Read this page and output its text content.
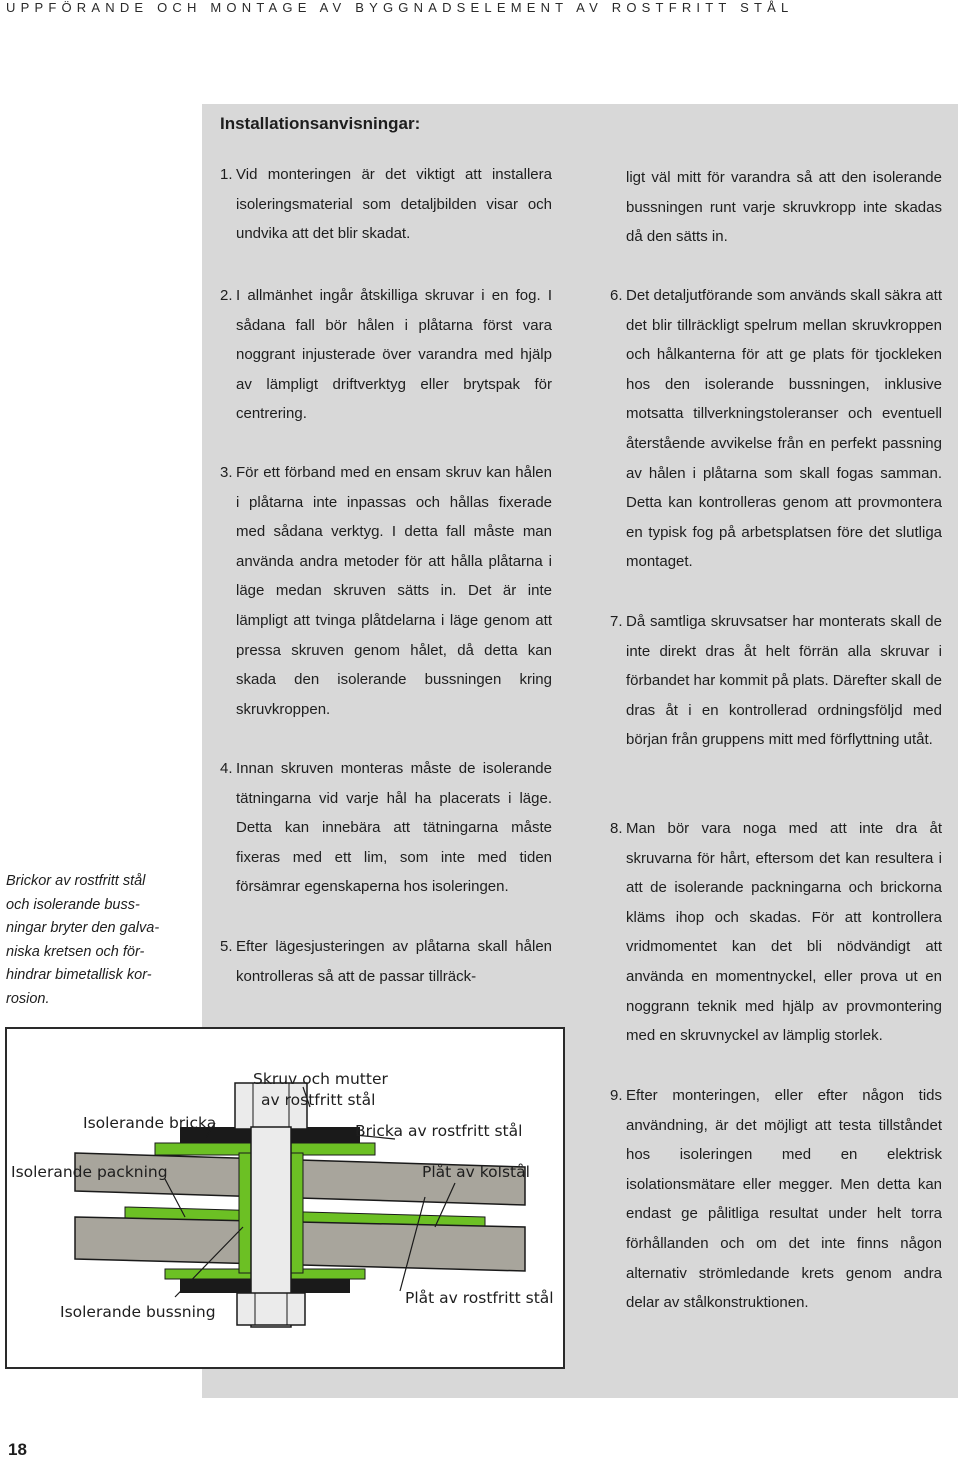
UPPFÖRANDE OCH MONTAGE AV BYGGNADSELEMENT AV ROSTFRITT STÅL
Brickor av rostfritt stål
och isolerande buss-
ningar bryter den galva-
niska kretsen och för-
hindrar bimetallisk kor-
rosion.
Installationsanvisningar:
1. Vid monteringen är det viktigt att installera isoleringsmaterial som detaljbilden visar och undvika att det blir skadat.
ligt väl mitt för varandra så att den isolerande bussningen runt varje skruvkropp inte skadas då den sätts in.
2. I allmänhet ingår åtskilliga skruvar i en fog. I sådana fall bör hålen i plåtarna först vara noggrant injusterade över varandra med hjälp av lämpligt driftverktyg eller brytspak för centrering.
3. För ett förband med en ensam skruv kan hålen i plåtarna inte inpassas och hållas fixerade med sådana verktyg. I detta fall måste man använda andra metoder för att hålla plåtarna i läge medan skruven sätts in. Det är inte lämpligt att tvinga plåtdelarna i läge genom att pressa skruven genom hålet, då detta kan skada den isolerande bussningen kring skruvkroppen.
4. Innan skruven monteras måste de isolerande tätningarna vid varje hål ha placerats i läge. Detta kan innebära att tätningarna måste fixeras med ett lim, som inte med tiden försämrar egenskaperna hos isoleringen.
5. Efter lägesjusteringen av plåtarna skall hålen kontrolleras så att de passar tillräck-
6. Det detaljutförande som används skall säkra att det blir tillräckligt spelrum mellan skruvkroppen och hålkanterna för att ge plats för tjockleken hos den isolerande bussningen, inklusive motsatta tillverkningstoleranser och eventuell återstående avvikelse från en perfekt passning av hålen i plåtarna som skall fogas samman. Detta kan kontrolleras genom att provmontera en typisk fog på arbetsplatsen före det slutliga montaget.
7. Då samtliga skruvsatser har monterats skall de inte direkt dras åt helt förrän alla skruvar i förbandet har kommit på plats. Därefter skall de dras åt i en kontrollerad ordningsföljd med början från gruppens mitt med förflyttning utåt.
8. Man bör vara noga med att inte dra åt skruvarna för hårt, eftersom det kan resultera i att de isolerande packningarna och brickorna kläms ihop och skadas. För att kontrollera vridmomentet kan det bli nödvändigt att använda en momentnyckel, eller prova ut en noggrann teknik med hjälp av provmontering med en skruvnyckel av lämplig storlek.
9. Efter monteringen, eller efter någon tids användning, är det möjligt att testa tillståndet hos isoleringen med en elektrisk isolationsmätare eller megger. Men detta kan endast ge pålitliga resultat under helt torra förhållanden och om det inte finns någon alternativ strömledande krets genom andra delar av stålkonstruktionen.
Skruv och mutter
av rostfritt stål
Isolerande bricka	Bricka av rostfritt stål
Isolerande packning	Plåt av kolstål
Isolerande bussning
Plåt av rostfritt stål
18
